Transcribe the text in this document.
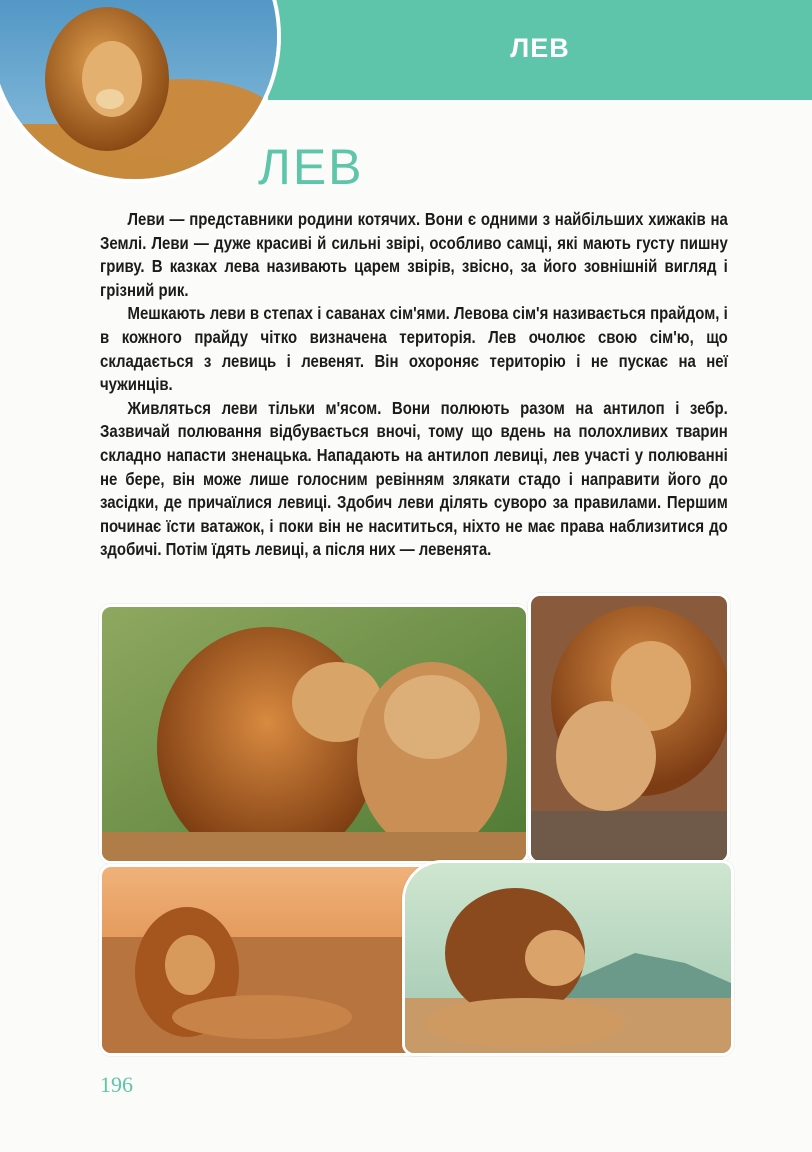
ЛЕВ
ЛЕВ

Леви — представники родини котячих. Вони є одними з найбільших хижаків на Землі. Леви — дуже красиві й сильні звірі, особливо самці, які мають густу пишну гриву. В казках лева називають царем звірів, звісно, за його зовнішній вигляд і грізний рик.

Мешкають леви в степах і саванах сім'ями. Левова сім'я називається прайдом, і в кожного прайду чітко визначена територія. Лев очолює свою сім'ю, що складається з левиць і левенят. Він охороняє територію і не пускає на неї чужинців.

Живляться леви тільки м'ясом. Вони полюють разом на антилоп і зебр. Зазвичай полювання відбувається вночі, тому що вдень на полохливих тварин складно напасти зненацька. Нападають на антилоп левиці, лев участі у полюванні не бере, він може лише голосним ревінням злякати стадо і направити його до засідки, де причаїлися левиці. Здобич леви ділять суворо за правилами. Першим починає їсти ватажок, і поки він не насититься, ніхто не має права наблизитися до здобичі. Потім їдять левиці, а після них — левенята.

196
